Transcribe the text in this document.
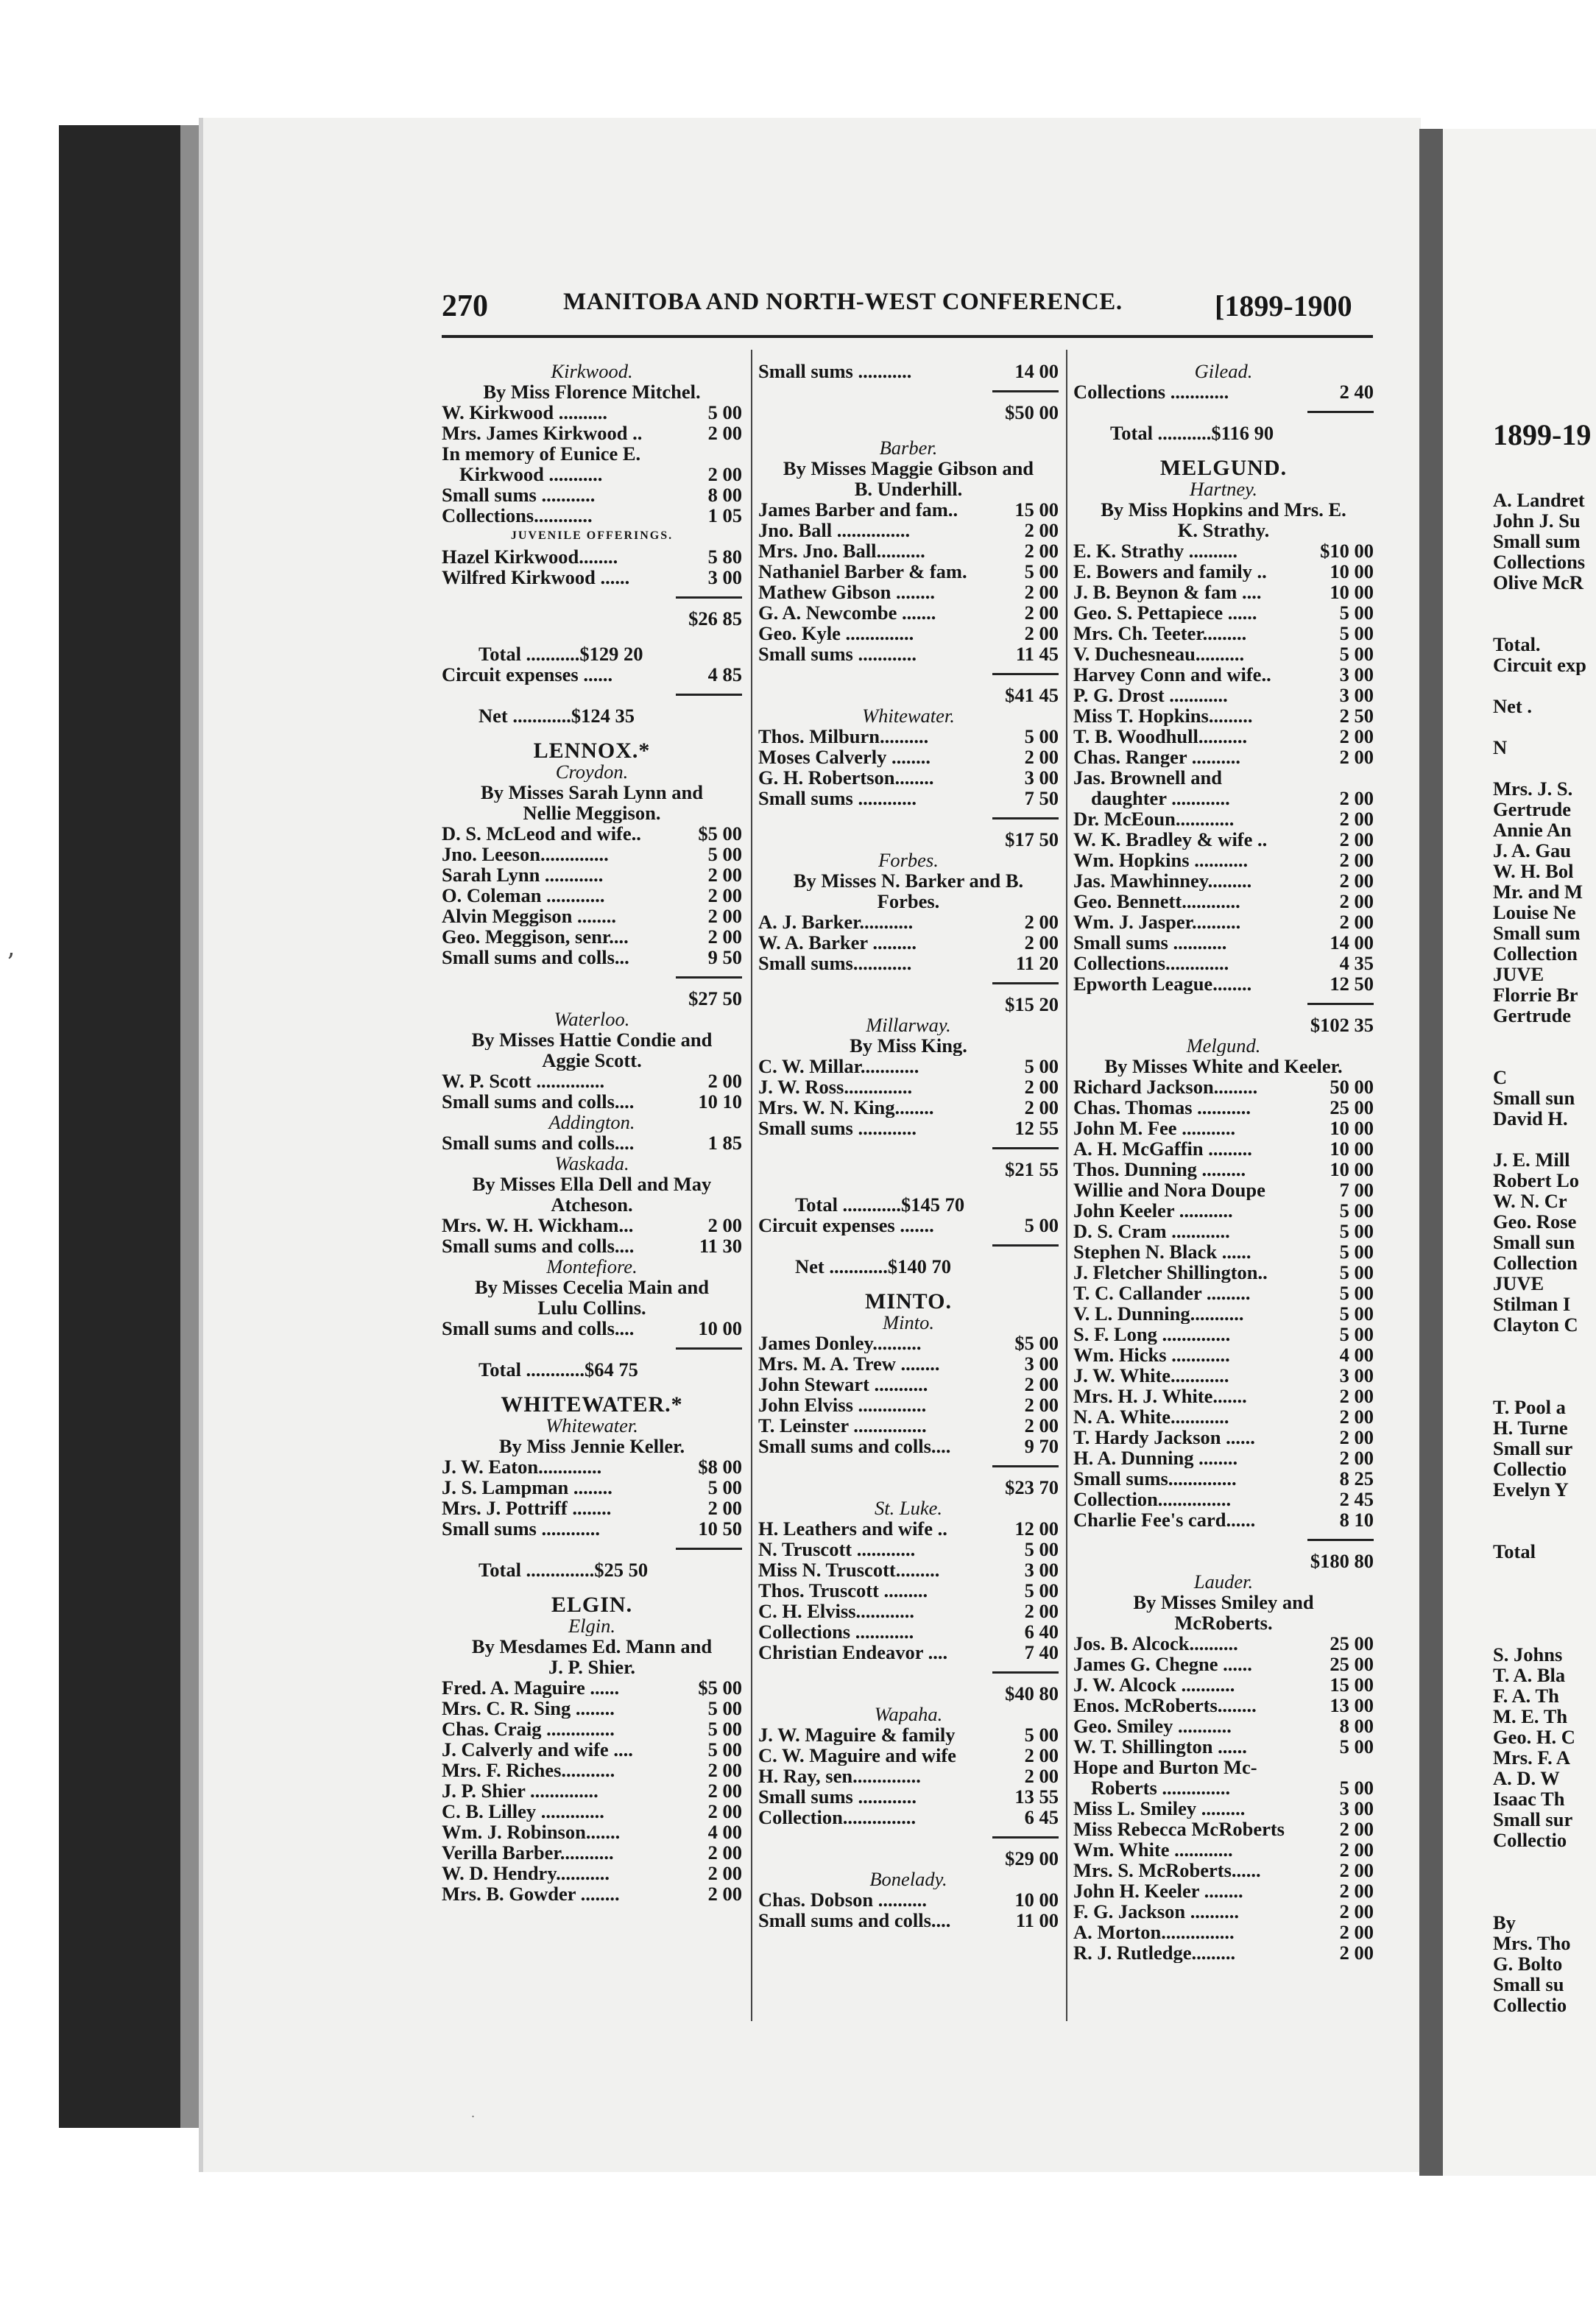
1899-19
A. Landret
John J. Su
Small sum
Collections
Olive McR
Total.
Circuit exp
Net .
N
Mrs. J. S.
Gertrude
Annie An
J. A. Gau
W. H. Bol
Mr. and M
Louise Ne
Small sum
Collection
JUVE
Florrie Br
Gertrude
C
Small sun
David H.
J. E. Mill
Robert Lo
W. N. Cr
Geo. Rose
Small sun
Collection
JUVE
Stilman I
Clayton C
T. Pool a
H. Turne
Small sur
Collectio
Evelyn Y
Total
S. Johns
T. A. Bla
F. A. Th
M. E. Th
Geo. H. C
Mrs. F. A
A. D. W
Isaac Th
Small sur
Collectio
By
Mrs. Tho
G. Bolto
Small su
Collectio
ʼ
·
270	MANITOBA AND NORTH-WEST CONFERENCE.	[1899-1900
Kirkwood.
By Miss Florence Mitchel.
W. Kirkwood ..........	5 00
Mrs. James Kirkwood ..	2 00
In memory of Eunice E.
Kirkwood ...........	2 00
Small sums ...........	8 00
Collections............	1 05
JUVENILE OFFERINGS.
Hazel Kirkwood........	5 80
Wilfred Kirkwood ......	3 00
$26 85
Total ...........$129 20
Circuit expenses ......	4 85
Net ............$124 35
LENNOX.*
Croydon.
By Misses Sarah Lynn and
Nellie Meggison.
D. S. McLeod and wife..	$5 00
Jno. Leeson..............	5 00
Sarah Lynn ............	2 00
O. Coleman ............	2 00
Alvin Meggison ........	2 00
Geo. Meggison, senr....	2 00
Small sums and colls...	9 50
$27 50
Waterloo.
By Misses Hattie Condie and
Aggie Scott.
W. P. Scott ..............	2 00
Small sums and colls....	10 10
Addington.
Small sums and colls....	1 85
Waskada.
By Misses Ella Dell and May
Atcheson.
Mrs. W. H. Wickham...	2 00
Small sums and colls....	11 30
Montefiore.
By Misses Cecelia Main and
Lulu Collins.
Small sums and colls....	10 00
Total ............$64 75
WHITEWATER.*
Whitewater.
By Miss Jennie Keller.
J. W. Eaton.............	$8 00
J. S. Lampman ........	5 00
Mrs. J. Pottriff ........	2 00
Small sums ............	10 50
Total ..............$25 50
ELGIN.
Elgin.
By Mesdames Ed. Mann and
J. P. Shier.
Fred. A. Maguire ......	$5 00
Mrs. C. R. Sing ........	5 00
Chas. Craig ..............	5 00
J. Calverly and wife ....	5 00
Mrs. F. Riches...........	2 00
J. P. Shier ..............	2 00
C. B. Lilley .............	2 00
Wm. J. Robinson.......	4 00
Verilla Barber...........	2 00
W. D. Hendry...........	2 00
Mrs. B. Gowder ........	2 00
Small sums ...........	14 00
$50 00
Barber.
By Misses Maggie Gibson and
B. Underhill.
James Barber and fam..	15 00
Jno. Ball ...............	2 00
Mrs. Jno. Ball..........	2 00
Nathaniel Barber & fam.	5 00
Mathew Gibson ........	2 00
G. A. Newcombe .......	2 00
Geo. Kyle ..............	2 00
Small sums ............	11 45
$41 45
Whitewater.
Thos. Milburn..........	5 00
Moses Calverly ........	2 00
G. H. Robertson........	3 00
Small sums ............	7 50
$17 50
Forbes.
By Misses N. Barker and B.
Forbes.
A. J. Barker...........	2 00
W. A. Barker .........	2 00
Small sums............	11 20
$15 20
Millarway.
By Miss King.
C. W. Millar............	5 00
J. W. Ross..............	2 00
Mrs. W. N. King........	2 00
Small sums ............	12 55
$21 55
Total ............$145 70
Circuit expenses .......	5 00
Net ............$140 70
MINTO.
Minto.
James Donley..........	$5 00
Mrs. M. A. Trew ........	3 00
John Stewart ...........	2 00
John Elviss ..............	2 00
T. Leinster ...............	2 00
Small sums and colls....	9 70
$23 70
St. Luke.
H. Leathers and wife ..	12 00
N. Truscott ............	5 00
Miss N. Truscott.........	3 00
Thos. Truscott .........	5 00
C. H. Elviss............	2 00
Collections ............	6 40
Christian Endeavor ....	7 40
$40 80
Wapaha.
J. W. Maguire & family	5 00
C. W. Maguire and wife	2 00
H. Ray, sen..............	2 00
Small sums ............	13 55
Collection...............	6 45
$29 00
Bonelady.
Chas. Dobson ..........	10 00
Small sums and colls....	11 00
Gilead.
Collections ............	2 40
Total ...........$116 90
MELGUND.
Hartney.
By Miss Hopkins and Mrs. E.
K. Strathy.
E. K. Strathy ..........	$10 00
E. Bowers and family ..	10 00
J. B. Beynon & fam ....	10 00
Geo. S. Pettapiece ......	5 00
Mrs. Ch. Teeter.........	5 00
V. Duchesneau..........	5 00
Harvey Conn and wife..	3 00
P. G. Drost ............	3 00
Miss T. Hopkins.........	2 50
T. B. Woodhull..........	2 00
Chas. Ranger ..........	2 00
Jas. Brownell and
daughter ............	2 00
Dr. McEoun............	2 00
W. K. Bradley & wife ..	2 00
Wm. Hopkins ...........	2 00
Jas. Mawhinney.........	2 00
Geo. Bennett............	2 00
Wm. J. Jasper..........	2 00
Small sums ...........	14 00
Collections.............	4 35
Epworth League........	12 50
$102 35
Melgund.
By Misses White and Keeler.
Richard Jackson.........	50 00
Chas. Thomas ...........	25 00
John M. Fee ...........	10 00
A. H. McGaffin .........	10 00
Thos. Dunning .........	10 00
Willie and Nora Doupe	7 00
John Keeler ...........	5 00
D. S. Cram ............	5 00
Stephen N. Black ......	5 00
J. Fletcher Shillington..	5 00
T. C. Callander .........	5 00
V. L. Dunning...........	5 00
S. F. Long ..............	5 00
Wm. Hicks ............	4 00
J. W. White............	3 00
Mrs. H. J. White.......	2 00
N. A. White............	2 00
T. Hardy Jackson ......	2 00
H. A. Dunning ........	2 00
Small sums..............	8 25
Collection...............	2 45
Charlie Fee's card......	8 10
$180 80
Lauder.
By Misses Smiley and
McRoberts.
Jos. B. Alcock..........	25 00
James G. Chegne ......	25 00
J. W. Alcock ...........	15 00
Enos. McRoberts........	13 00
Geo. Smiley ...........	8 00
W. T. Shillington ......	5 00
Hope and Burton Mc-
Roberts ..............	5 00
Miss L. Smiley .........	3 00
Miss Rebecca McRoberts	2 00
Wm. White ............	2 00
Mrs. S. McRoberts......	2 00
John H. Keeler ........	2 00
F. G. Jackson ..........	2 00
A. Morton...............	2 00
R. J. Rutledge.........	2 00
